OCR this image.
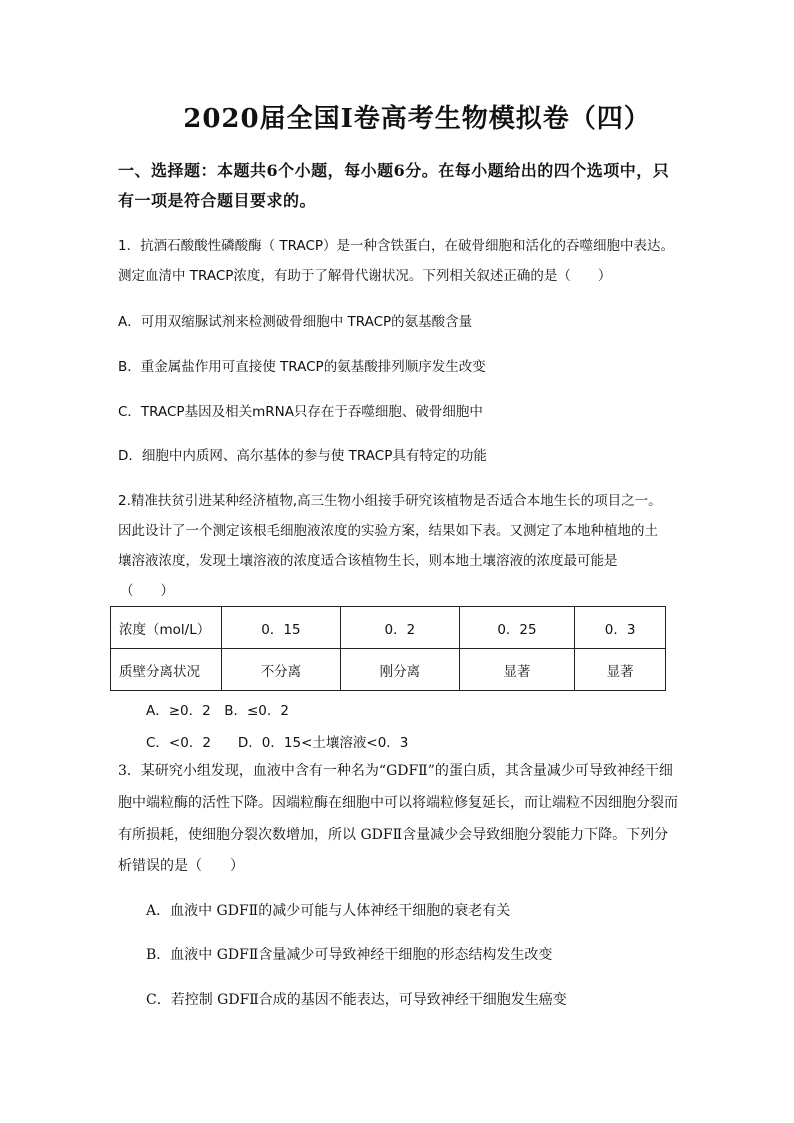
2020届全国I卷高考生物模拟卷（四）
一、选择题：本题共6个小题，每小题6分。在每小题给出的四个选项中，只
有一项是符合题目要求的。
1．抗酒石酸酸性磷酸酶（ TRACP）是一种含铁蛋白，在破骨细胞和活化的吞噬细胞中表达。
测定血清中 TRACP浓度，有助于了解骨代谢状况。下列相关叙述正确的是（　　）
A．可用双缩脲试剂来检测破骨细胞中 TRACP的氨基酸含量
B．重金属盐作用可直接使 TRACP的氨基酸排列顺序发生改变
C．TRACP基因及相关mRNA只存在于吞噬细胞、破骨细胞中
D．细胞中内质网、高尔基体的参与使 TRACP具有特定的功能
2.精准扶贫引进某种经济植物,高三生物小组接手研究该植物是否适合本地生长的项目之一。
因此设计了一个测定该根毛细胞液浓度的实验方案，结果如下表。又测定了本地种植地的土
壤溶液浓度，发现土壤溶液的浓度适合该植物生长，则本地土壤溶液的浓度最可能是
（　　）
浓度（mol/L）	0．15	0．2	0．25	0．3
质壁分离状况	不分离	刚分离	显著	显著
A．≥0．2　B．≤0．2
C．<0．2　　D．0．15<土壤溶液<0．3
3．某研究小组发现，血液中含有一种名为“GDFⅡ”的蛋白质，其含量减少可导致神经干细
胞中端粒酶的活性下降。因端粒酶在细胞中可以将端粒修复延长，而让端粒不因细胞分裂而
有所损耗，使细胞分裂次数增加，所以 GDFⅡ含量减少会导致细胞分裂能力下降。下列分
析错误的是（　　）
A．血液中 GDFⅡ的减少可能与人体神经干细胞的衰老有关
B．血液中 GDFⅡ含量减少可导致神经干细胞的形态结构发生改变
C．若控制 GDFⅡ合成的基因不能表达，可导致神经干细胞发生癌变
